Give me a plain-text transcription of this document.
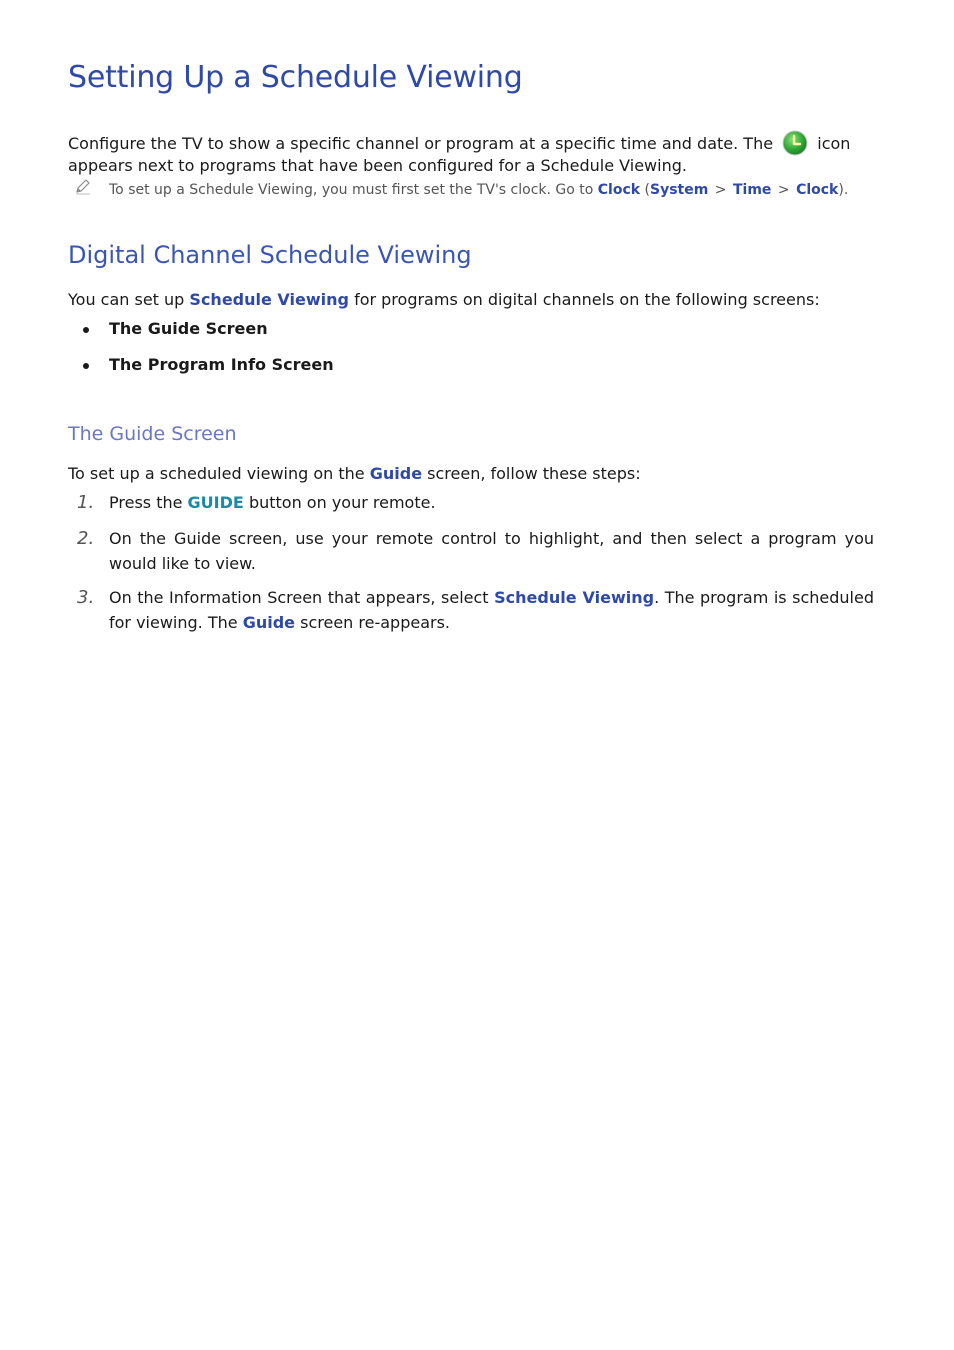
Setting Up a Schedule Viewing

Configure the TV to show a specific channel or program at a specific time and date. The	icon appears next to programs that have been configured for a Schedule Viewing.

To set up a Schedule Viewing, you must first set the TV's clock. Go to Clock (System > Time > Clock).
Digital Channel Schedule Viewing

You can set up Schedule Viewing for programs on digital channels on the following screens:

The Guide Screen
The Program Info Screen
The Guide Screen

To set up a scheduled viewing on the Guide screen, follow these steps:

1. Press the GUIDE button on your remote.
2. On the Guide screen, use your remote control to highlight, and then select a program you would like to view.
3. On the Information Screen that appears, select Schedule Viewing. The program is scheduled for viewing. The Guide screen re-appears.
